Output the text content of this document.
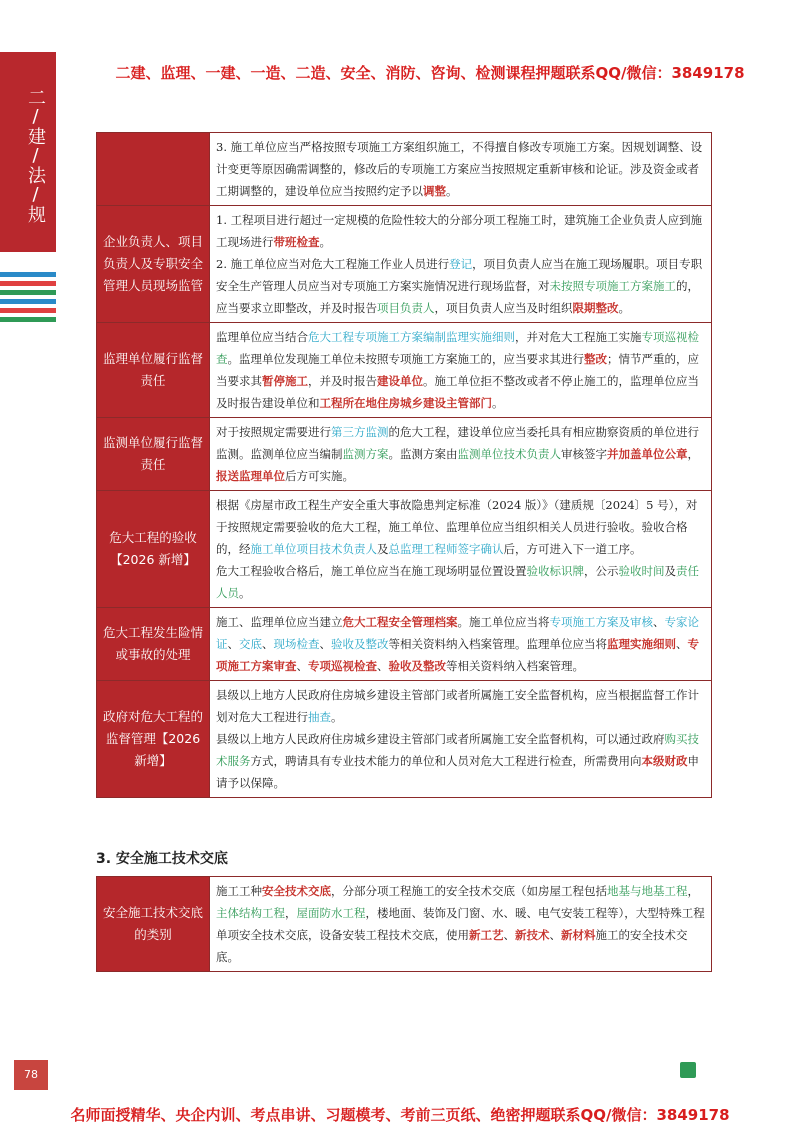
二/建/法/规
二建、监理、一建、一造、二造、安全、消防、咨询、检测课程押题联系QQ/微信：3849178

3. 施工单位应当严格按照专项施工方案组织施工，不得擅自修改专项施工方案。因规划调整、设计变更等原因确需调整的，修改后的专项施工方案应当按照规定重新审核和论证。涉及资金或者工期调整的，建设单位应当按照约定予以调整。

企业负责人、项目负责人及专职安全管理人员现场监管

1. 工程项目进行超过一定规模的危险性较大的分部分项工程施工时，建筑施工企业负责人应到施工现场进行带班检查。

2. 施工单位应当对危大工程施工作业人员进行登记，项目负责人应当在施工现场履职。项目专职安全生产管理人员应当对专项施工方案实施情况进行现场监督，对未按照专项施工方案施工的，应当要求立即整改，并及时报告项目负责人，项目负责人应当及时组织限期整改。

监理单位履行监督责任

监理单位应当结合危大工程专项施工方案编制监理实施细则，并对危大工程施工实施专项巡视检查。监理单位发现施工单位未按照专项施工方案施工的，应当要求其进行整改；情节严重的，应当要求其暂停施工，并及时报告建设单位。施工单位拒不整改或者不停止施工的，监理单位应当及时报告建设单位和工程所在地住房城乡建设主管部门。

监测单位履行监督责任

对于按照规定需要进行第三方监测的危大工程，建设单位应当委托具有相应勘察资质的单位进行监测。监测单位应当编制监测方案。监测方案由监测单位技术负责人审核签字并加盖单位公章，报送监理单位后方可实施。

危大工程的验收【2026 新增】

根据《房屋市政工程生产安全重大事故隐患判定标准（2024 版）》（建质规〔2024〕5 号），对于按照规定需要验收的危大工程，施工单位、监理单位应当组织相关人员进行验收。验收合格的，经施工单位项目技术负责人及总监理工程师签字确认后，方可进入下一道工序。

危大工程验收合格后，施工单位应当在施工现场明显位置设置验收标识牌，公示验收时间及责任人员。

危大工程发生险情或事故的处理

施工、监理单位应当建立危大工程安全管理档案。施工单位应当将专项施工方案及审核、专家论证、交底、现场检查、验收及整改等相关资料纳入档案管理。监理单位应当将监理实施细则、专项施工方案审查、专项巡视检查、验收及整改等相关资料纳入档案管理。

政府对危大工程的监督管理【2026 新增】

县级以上地方人民政府住房城乡建设主管部门或者所属施工安全监督机构，应当根据监督工作计划对危大工程进行抽查。

县级以上地方人民政府住房城乡建设主管部门或者所属施工安全监督机构，可以通过政府购买技术服务方式，聘请具有专业技术能力的单位和人员对危大工程进行检查，所需费用向本级财政申请予以保障。

3. 安全施工技术交底
安全施工技术交底的类别

施工工种安全技术交底，分部分项工程施工的安全技术交底（如房屋工程包括地基与地基工程，主体结构工程，屋面防水工程，楼地面、装饰及门窗、水、暖、电气安装工程等），大型特殊工程单项安全技术交底，设备安装工程技术交底，使用新工艺、新技术、新材料施工的安全技术交底。

78
名师面授精华、央企内训、考点串讲、习题模考、考前三页纸、绝密押题联系QQ/微信：3849178
